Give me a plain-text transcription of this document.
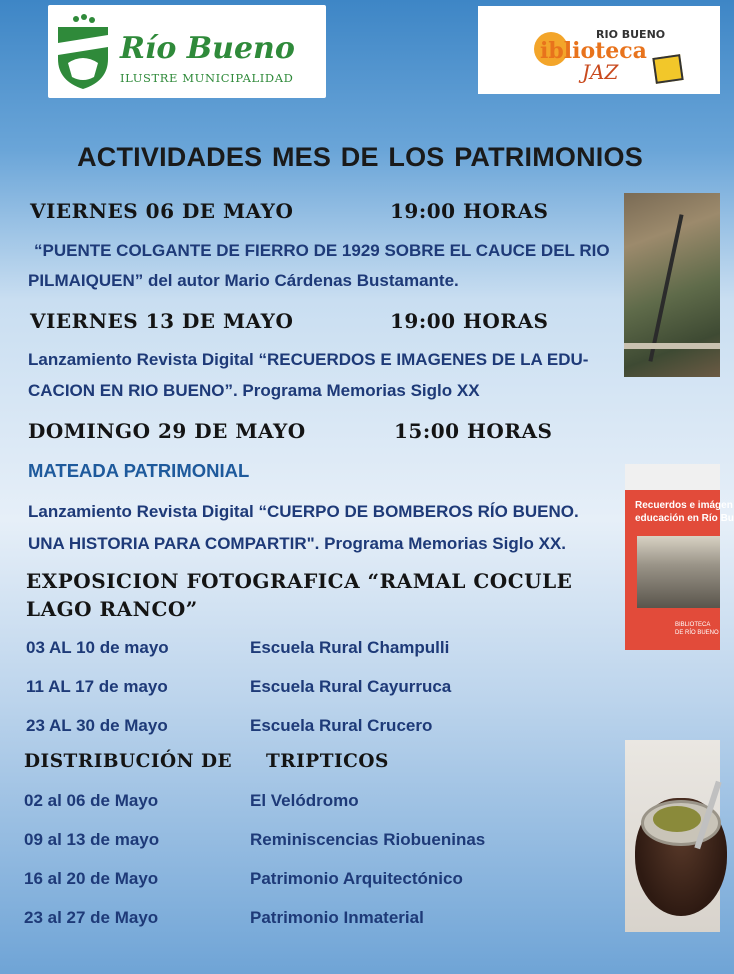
Río Bueno
ILUSTRE MUNICIPALIDAD
RIO BUENO
iblioteca
JAZ
ACTIVIDADES MES DE LOS PATRIMONIOS
VIERNES 06 DE MAYO	19:00 HORAS
“PUENTE COLGANTE DE FIERRO DE 1929 SOBRE EL CAUCE DEL RIO
PILMAIQUEN” del autor Mario Cárdenas Bustamante.
VIERNES 13 DE MAYO	19:00 HORAS
Lanzamiento Revista Digital “RECUERDOS E IMAGENES DE LA EDU-
CACION EN RIO BUENO”. Programa Memorias Siglo XX
DOMINGO 29 DE MAYO	15:00 HORAS
MATEADA PATRIMONIAL
Lanzamiento Revista Digital “CUERPO DE BOMBEROS RÍO BUENO.
UNA HISTORIA PARA COMPARTIR". Programa Memorias Siglo XX.
EXPOSICION FOTOGRAFICA “RAMAL COCULE
LAGO RANCO”
03 AL 10 de mayo	Escuela Rural Champulli
11 AL 17 de mayo	Escuela Rural Cayurruca
23 AL 30 de Mayo	Escuela Rural Crucero
DISTRIBUCIÓN DE TRIPTICOS
02 al 06 de Mayo	El Velódromo
09 al 13 de mayo	Reminiscencias Riobueninas
16 al 20 de Mayo	Patrimonio Arquitectónico
23 al 27 de Mayo	Patrimonio Inmaterial
Recuerdos e imágen
educación en Río Bu
BIBLIOTECA
DE RÍO BUENO
